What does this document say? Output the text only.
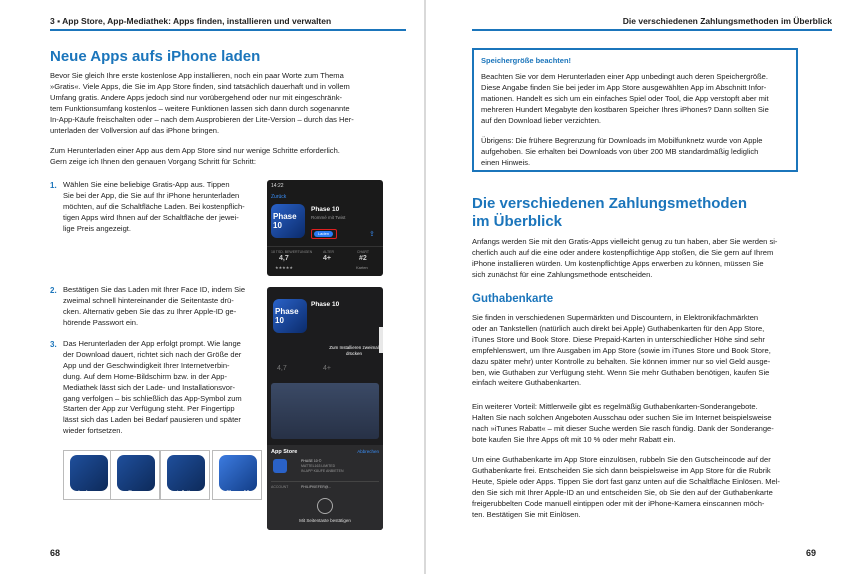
3 ▪ App Store, App-Mediathek: Apps finden, installieren und verwalten
Neue Apps aufs iPhone laden
Bevor Sie gleich Ihre erste kostenlose App installieren, noch ein paar Worte zum Thema
»Gratis«. Viele Apps, die Sie im App Store finden, sind tatsächlich dauerhaft und in vollem
Umfang gratis. Andere Apps jedoch sind nur vorübergehend oder nur mit eingeschränk-
tem Funktionsumfang kostenlos – weitere Funktionen lassen sich dann durch sogenannte
In-App-Käufe freischalten oder – nach dem Ausprobieren der Lite-Version – durch das Her-
unterladen der Vollversion auf das iPhone bringen.
Zum Herunterladen einer App aus dem App Store sind nur wenige Schritte erforderlich.
Gern zeige ich Ihnen den genauen Vorgang Schritt für Schritt:
1. Wählen Sie eine beliebige Gratis-App aus. Tippen
Sie bei der App, die Sie auf Ihr iPhone herunterladen
möchten, auf die Schaltfläche Laden. Bei kostenpflich-
tigen Apps wird Ihnen auf der Schaltfläche der jewei-
lige Preis angezeigt.
2. Bestätigen Sie das Laden mit Ihrer Face ID, indem Sie
zweimal schnell hintereinander die Seitentaste drü-
cken. Alternativ geben Sie das zu Ihrer Apple-ID ge-
hörende Passwort ein.
3. Das Herunterladen der App erfolgt prompt. Wie lange
der Download dauert, richtet sich nach der Größe der
App und der Geschwindigkeit Ihrer Internetverbin-
dung. Auf dem Home-Bildschirm bzw. in der App-
Mediathek lässt sich der Lade- und Installationsvor-
gang verfolgen – bis schließlich das App-Symbol zum
Starten der App zur Verfügung steht. Per Fingertipp
lässt sich das Laden bei Bedarf pausieren und später
wieder fortsetzen.
14:22
Zurück
Phase 10
Phase 10
Rommé mit Twist
Laden	⇪
18 TSD. BEWERTUNGEN
4,7
★★★★★
ALTER
4+
CHART
#2
Karten
Phase 10
Phase 10
Zum Installieren zweimal drücken
4,7	4+
App Store	Abbrechen
PHASE 10 ©
MATTEL163 LIMITED
IN-APP KÄUFE ANBIETEN
ACCOUNT	PHILIPKIEFER@...
Mit Seitentaste bestätigen
Laden ...	Pause	Installation ...	Phase 10
68
Die verschiedenen Zahlungsmethoden im Überblick
Speichergröße beachten!
Beachten Sie vor dem Herunterladen einer App unbedingt auch deren Speichergröße.
Diese Angabe finden Sie bei jeder im App Store ausgewählten App im Abschnitt Infor-
mationen. Handelt es sich um ein einfaches Spiel oder Tool, die App verstopft aber mit
mehreren Hundert Megabyte den kostbaren Speicher Ihres iPhones? Dann sollten Sie
auf den Download lieber verzichten.
Übrigens: Die frühere Begrenzung für Downloads im Mobilfunknetz wurde von Apple
aufgehoben. Sie erhalten bei Downloads von über 200 MB standardmäßig lediglich
einen Hinweis.
Die verschiedenen Zahlungsmethoden
im Überblick
Anfangs werden Sie mit den Gratis-Apps vielleicht genug zu tun haben, aber Sie werden si-
cherlich auch auf die eine oder andere kostenpflichtige App stoßen, die Sie gern auf Ihrem
iPhone installieren würden. Um kostenpflichtige Apps erwerben zu können, müssen Sie
sich zunächst für eine Zahlungsmethode entscheiden.
Guthabenkarte
Sie finden in verschiedenen Supermärkten und Discountern, in Elektronikfachmärkten
oder an Tankstellen (natürlich auch direkt bei Apple) Guthabenkarten für den App Store,
iTunes Store und Book Store. Diese Prepaid-Karten in unterschiedlicher Höhe sind sehr
empfehlenswert, um Ihre Ausgaben im App Store (sowie im iTunes Store und Book Store,
dazu später mehr) unter Kontrolle zu behalten. Sie können immer nur so viel Geld ausge-
ben, wie Guthaben zur Verfügung steht. Wenn Sie mehr Guthaben benötigen, kaufen Sie
einfach weitere Guthabenkarten.
Ein weiterer Vorteil: Mittlerweile gibt es regelmäßig Guthabenkarten-Sonderangebote.
Halten Sie nach solchen Angeboten Ausschau oder suchen Sie im Internet beispielsweise
nach »iTunes Rabatt« – mit dieser Suche werden Sie rasch fündig. Dank der Sonderange-
bote kaufen Sie Ihre Apps oft mit 10 % oder mehr Rabatt ein.
Um eine Guthabenkarte im App Store einzulösen, rubbeln Sie den Gutscheincode auf der
Guthabenkarte frei. Entscheiden Sie sich dann beispielsweise im App Store für die Rubrik
Heute, Spiele oder Apps. Tippen Sie dort fast ganz unten auf die Schaltfläche Einlösen. Mel-
den Sie sich mit Ihrer Apple-ID an und entscheiden Sie, ob Sie den auf der Guthabenkarte
freigerubbelten Code manuell eintippen oder mit der iPhone-Kamera einscannen möch-
ten. Bestätigen Sie mit Einlösen.
69
